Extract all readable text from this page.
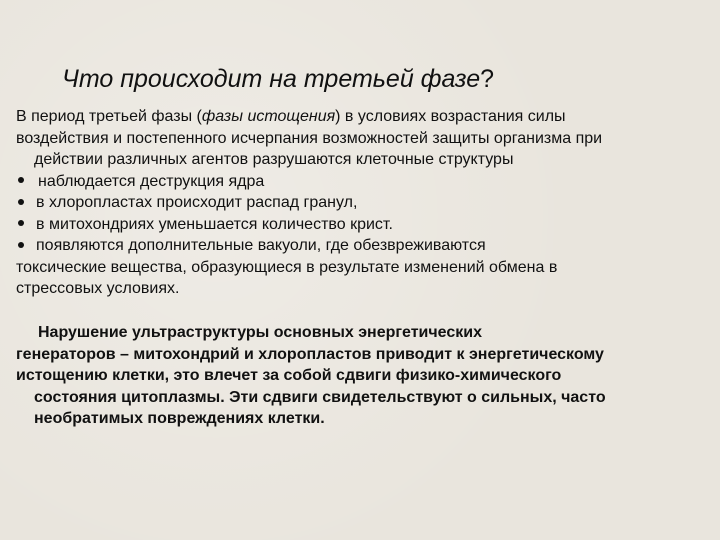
Что происходит на третьей фазе?
В период третьей фазы (фазы истощения) в условиях возрастания силы
воздействия и постепенного исчерпания возможностей защиты организма при
действии различных агентов разрушаются клеточные структуры
наблюдается деструкция ядра
в хлоропластах происходит распад гранул,
в митохондриях уменьшается количество крист.
появляются дополнительные вакуоли, где обезвреживаются
токсические вещества, образующиеся в результате изменений обмена в
стрессовых условиях.
Нарушение ультраструктуры основных энергетических
генераторов – митохондрий и хлоропластов приводит к энергетическому
истощению клетки, это влечет за собой сдвиги физико-химического
состояния цитоплазмы. Эти сдвиги свидетельствуют о сильных, часто
необратимых повреждениях клетки.
